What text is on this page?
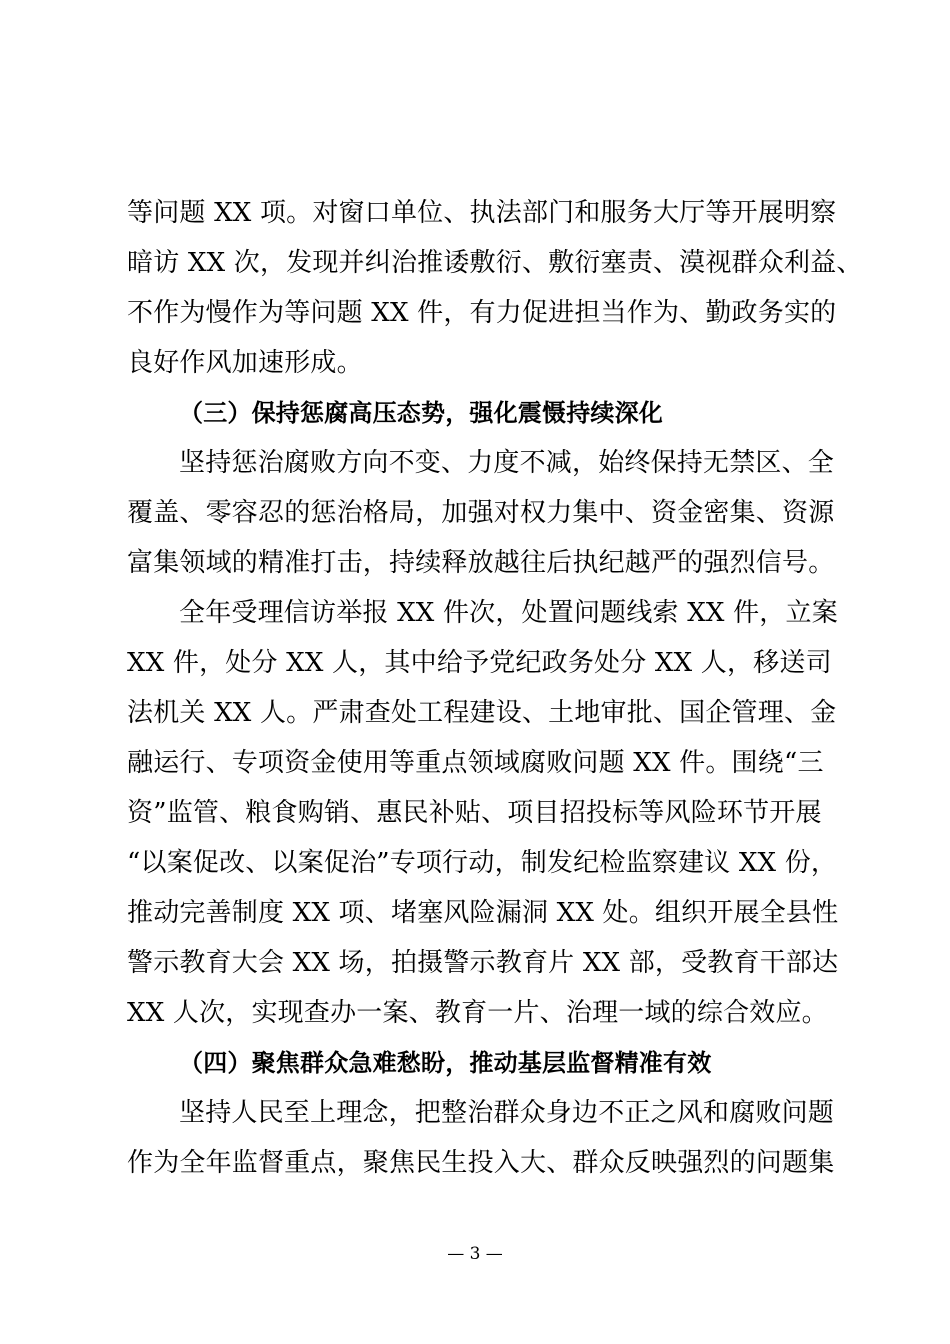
等问题 XX 项。对窗口单位、执法部门和服务大厅等开展明察
暗访 XX 次，发现并纠治推诿敷衍、敷衍塞责、漠视群众利益、
不作为慢作为等问题 XX 件，有力促进担当作为、勤政务实的
良好作风加速形成。
（三）保持惩腐高压态势，强化震慑持续深化
坚持惩治腐败方向不变、力度不减，始终保持无禁区、全
覆盖、零容忍的惩治格局，加强对权力集中、资金密集、资源
富集领域的精准打击，持续释放越往后执纪越严的强烈信号。
全年受理信访举报 XX 件次，处置问题线索 XX 件，立案
XX 件，处分 XX 人，其中给予党纪政务处分 XX 人，移送司
法机关 XX 人。严肃查处工程建设、土地审批、国企管理、金
融运行、专项资金使用等重点领域腐败问题 XX 件。围绕“三
资”监管、粮食购销、惠民补贴、项目招投标等风险环节开展
“以案促改、以案促治”专项行动，制发纪检监察建议 XX 份，
推动完善制度 XX 项、堵塞风险漏洞 XX 处。组织开展全县性
警示教育大会 XX 场，拍摄警示教育片 XX 部，受教育干部达
XX 人次，实现查办一案、教育一片、治理一域的综合效应。
（四）聚焦群众急难愁盼，推动基层监督精准有效
坚持人民至上理念，把整治群众身边不正之风和腐败问题
作为全年监督重点，聚焦民生投入大、群众反映强烈的问题集
— 3 —
